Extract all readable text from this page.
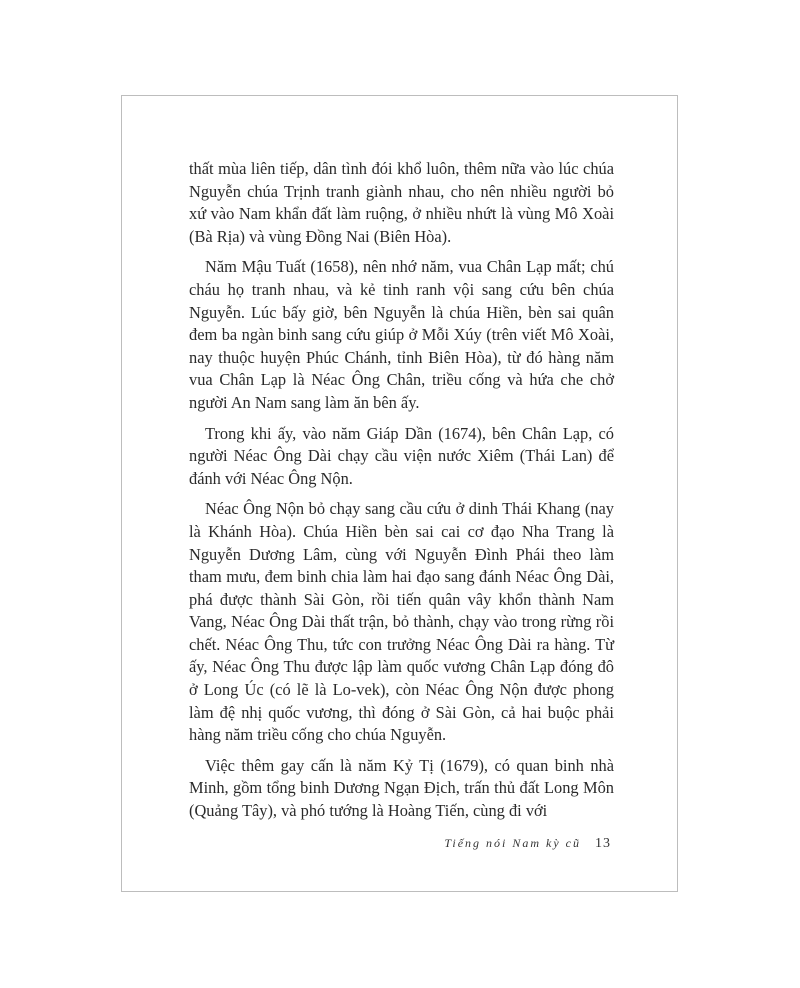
thất mùa liên tiếp, dân tình đói khổ luôn, thêm nữa vào lúc chúa Nguyễn chúa Trịnh tranh giành nhau, cho nên nhiều người bỏ xứ vào Nam khẩn đất làm ruộng, ở nhiều nhứt là vùng Mô Xoài (Bà Rịa) và vùng Đồng Nai (Biên Hòa).

Năm Mậu Tuất (1658), nên nhớ năm, vua Chân Lạp mất; chú cháu họ tranh nhau, và kẻ tinh ranh vội sang cứu bên chúa Nguyễn. Lúc bấy giờ, bên Nguyễn là chúa Hiền, bèn sai quân đem ba ngàn binh sang cứu giúp ở Mỗi Xúy (trên viết Mô Xoài, nay thuộc huyện Phúc Chánh, tỉnh Biên Hòa), từ đó hàng năm vua Chân Lạp là Néac Ông Chân, triều cống và hứa che chở người An Nam sang làm ăn bên ấy.

Trong khi ấy, vào năm Giáp Dần (1674), bên Chân Lạp, có người Néac Ông Dài chạy cầu viện nước Xiêm (Thái Lan) để đánh với Néac Ông Nộn.

Néac Ông Nộn bỏ chạy sang cầu cứu ở dinh Thái Khang (nay là Khánh Hòa). Chúa Hiền bèn sai cai cơ đạo Nha Trang là Nguyễn Dương Lâm, cùng với Nguyễn Đình Phái theo làm tham mưu, đem binh chia làm hai đạo sang đánh Néac Ông Dài, phá được thành Sài Gòn, rồi tiến quân vây khổn thành Nam Vang, Néac Ông Dài thất trận, bỏ thành, chạy vào trong rừng rồi chết. Néac Ông Thu, tức con trưởng Néac Ông Dài ra hàng. Từ ấy, Néac Ông Thu được lập làm quốc vương Chân Lạp đóng đô ở Long Úc (có lẽ là Lo-vek), còn Néac Ông Nộn được phong làm đệ nhị quốc vương, thì đóng ở Sài Gòn, cả hai buộc phải hàng năm triều cống cho chúa Nguyễn.

Việc thêm gay cấn là năm Kỷ Tị (1679), có quan binh nhà Minh, gồm tổng binh Dương Ngạn Địch, trấn thủ đất Long Môn (Quảng Tây), và phó tướng là Hoàng Tiến, cùng đi với

Tiếng nói Nam kỳ cũ 13
